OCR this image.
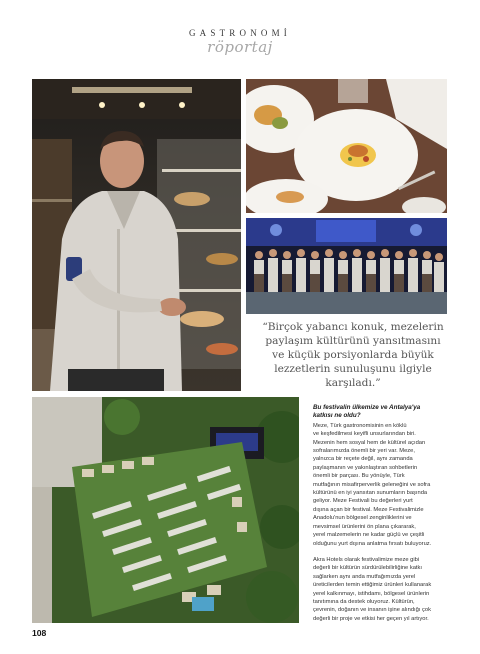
GASTRONOMİ
röportaj
“Birçok yabancı konuk, mezelerin
paylaşım kültürünü yansıtmasını
ve küçük porsiyonlarda büyük
lezzetlerin sunuluşunu ilgiyle
karşıladı.”
Bu festivalin ülkemize ve Antalya'ya
katkısı ne oldu?

Meze, Türk gastronomisinin en köklü
ve keşfedilmesi keyifli unsurlarından biri.
Mezenin hem sosyal hem de kültürel açıdan
sofralarımızda önemli bir yeri var. Meze,
yalnızca bir reçete değil, aynı zamanda
paylaşmanın ve yakınlaştıran sohbetlerin
önemli bir parçası. Bu yönüyle, Türk
mutfağının misafirperverlik geleneğini ve sofra
kültürünü en iyi yansıtan sunumların başında
geliyor. Meze Festivali bu değerleri yurt
dışına açan bir festival. Meze Festivalimizle
Anadolu'nun bölgesel zenginliklerini ve
mevsimsel ürünlerini ön plana çıkararak,
yerel malzemelerin ne kadar güçlü ve çeşitli
olduğunu yurt dışına anlatma fırsatı buluyoruz.

Akra Hotels olarak festivalimize meze gibi
değerli bir kültürün sürdürülebilirliğine katkı
sağlarken aynı anda mutfağımızda yerel
üreticilerden temin ettiğimiz ürünleri kullanarak
yerel kalkınmayı, istihdamı, bölgesel ürünlerin
tanıtımına da destek oluyoruz. Kültürün,
çevrenin, doğanın ve insanın işine alındığı çok
değerli bir proje ve etkisi her geçen yıl artıyor.

108
